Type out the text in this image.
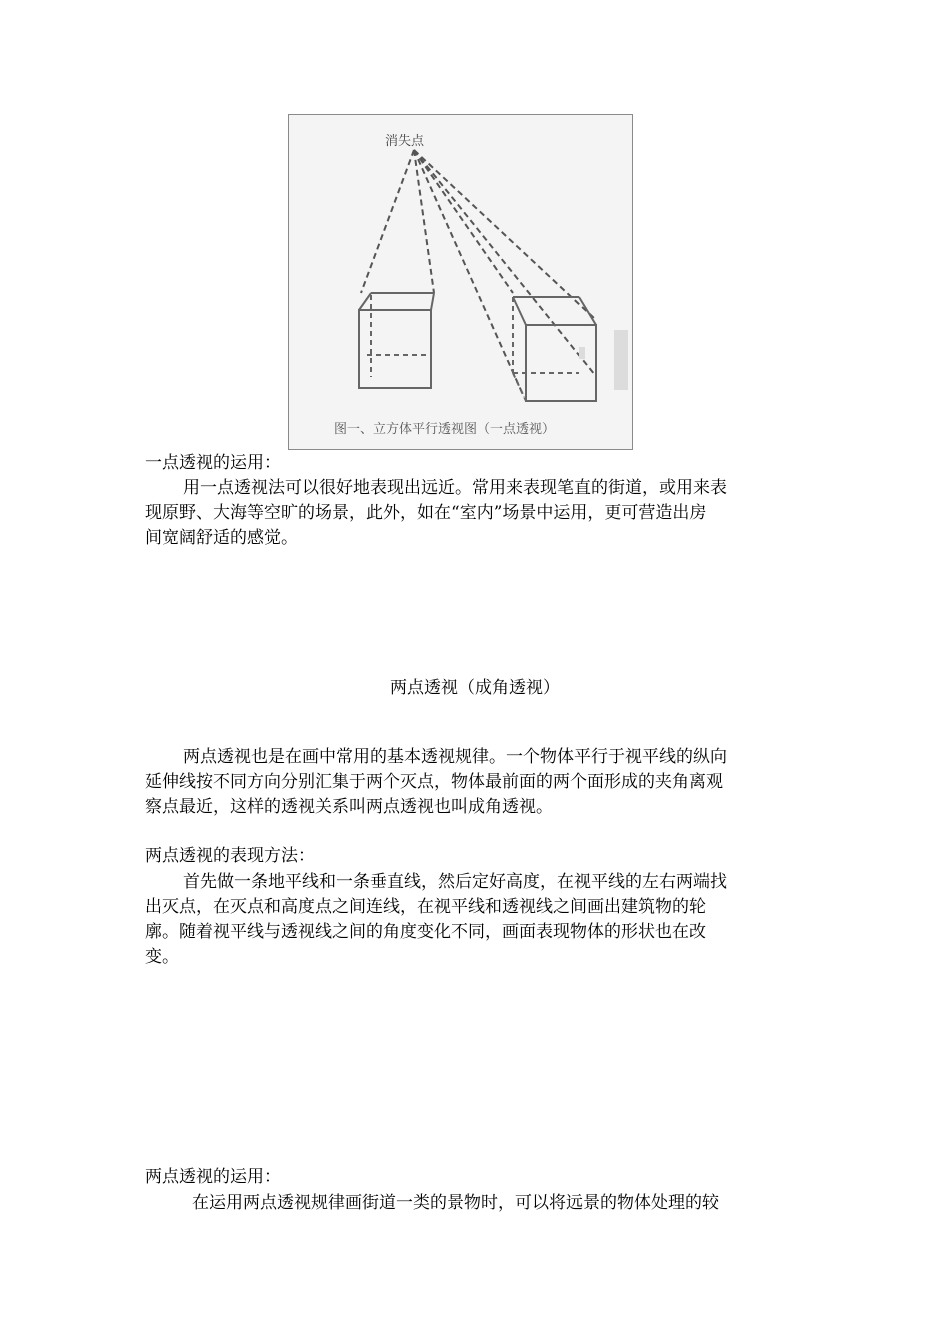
消失点
图一、立方体平行透视图（一点透视）
一点透视的运用：
用一点透视法可以很好地表现出远近。常用来表现笔直的街道，或用来表
现原野、大海等空旷的场景，此外，如在“室内”场景中运用，更可营造出房
间宽阔舒适的感觉。
两点透视（成角透视）
两点透视也是在画中常用的基本透视规律。一个物体平行于视平线的纵向
延伸线按不同方向分别汇集于两个灭点，物体最前面的两个面形成的夹角离观
察点最近，这样的透视关系叫两点透视也叫成角透视。
两点透视的表现方法：
首先做一条地平线和一条垂直线，然后定好高度，在视平线的左右两端找
出灭点，在灭点和高度点之间连线，在视平线和透视线之间画出建筑物的轮
廓。随着视平线与透视线之间的角度变化不同，画面表现物体的形状也在改
变。
两点透视的运用：
在运用两点透视规律画街道一类的景物时，可以将远景的物体处理的较
